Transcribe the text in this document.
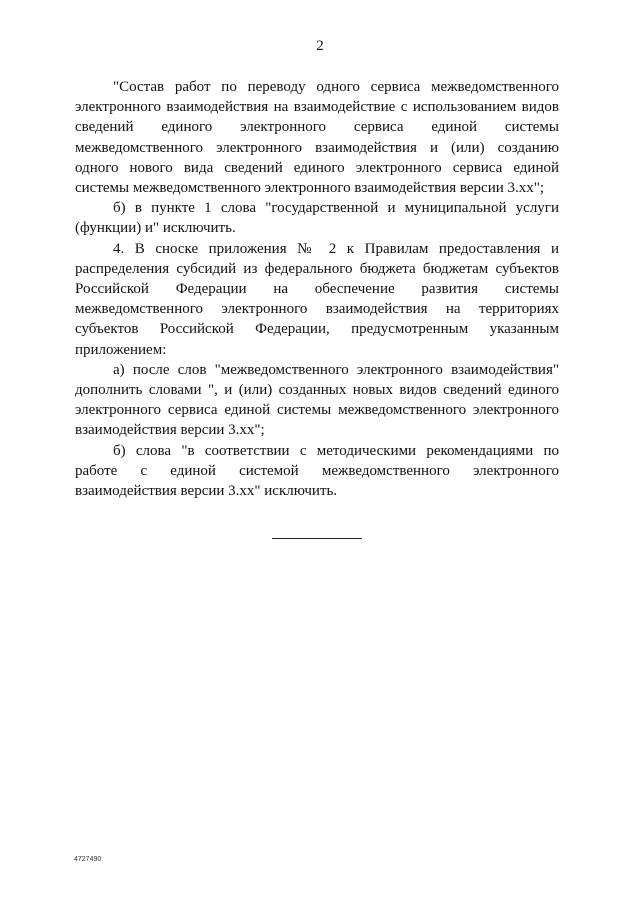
2

"Состав работ по переводу одного сервиса межведомственного электронного взаимодействия на взаимодействие с использованием видов сведений единого электронного сервиса единой системы межведомственного электронного взаимодействия и (или) созданию одного нового вида сведений единого электронного сервиса единой системы межведомственного электронного взаимодействия версии 3.xx";

б) в пункте 1 слова "государственной и муниципальной услуги (функции) и" исключить.

4. В сноске приложения № 2 к Правилам предоставления и распределения субсидий из федерального бюджета бюджетам субъектов Российской Федерации на обеспечение развития системы межведомственного электронного взаимодействия на территориях субъектов Российской Федерации, предусмотренным указанным приложением:

а) после слов "межведомственного электронного взаимодействия" дополнить словами ", и (или) созданных новых видов сведений единого электронного сервиса единой системы межведомственного электронного взаимодействия версии 3.xx";

б) слова "в соответствии с методическими рекомендациями по работе с единой системой межведомственного электронного взаимодействия версии 3.xx" исключить.

4727490
